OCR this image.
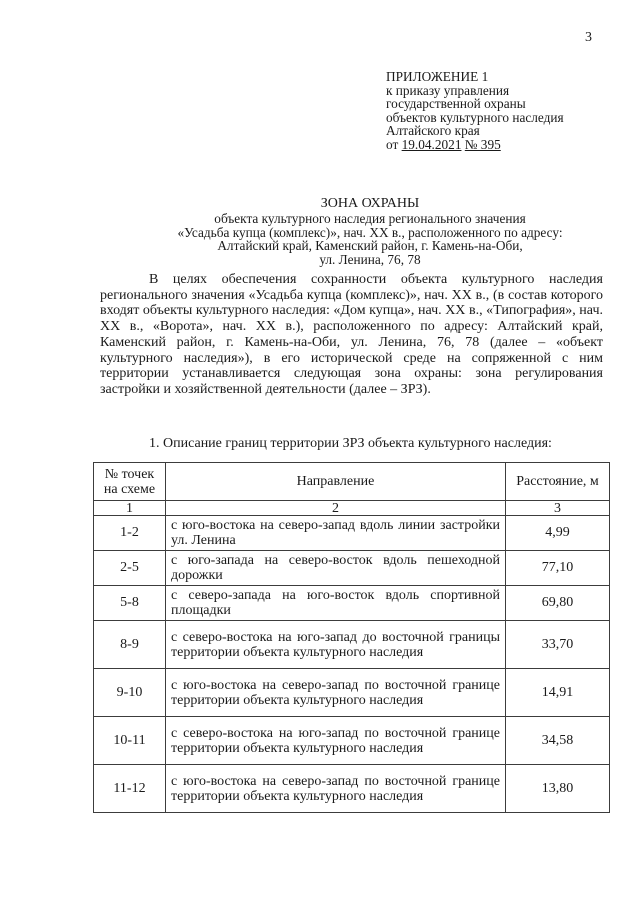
3
ПРИЛОЖЕНИЕ 1
к приказу управления
государственной охраны
объектов культурного наследия
Алтайского края
от 19.04.2021 № 395
ЗОНА ОХРАНЫ
объекта культурного наследия регионального значения
«Усадьба купца (комплекс)», нач. XX в., расположенного по адресу:
Алтайский край, Каменский район, г. Камень-на-Оби,
ул. Ленина, 76, 78

В целях обеспечения сохранности объекта культурного наследия регионального значения «Усадьба купца (комплекс)», нач. XX в., (в состав которого входят объекты культурного наследия: «Дом купца», нач. XX в., «Типография», нач. XX в., «Ворота», нач. XX в.), расположенного по адресу: Алтайский край, Каменский район, г. Камень-на-Оби, ул. Ленина, 76, 78 (далее – «объект культурного наследия»), в его исторической среде на сопряженной с ним территории устанавливается следующая зона охраны: зона регулирования застройки и хозяйственной деятельности (далее – ЗРЗ).

1. Описание границ территории ЗРЗ объекта культурного наследия:
№ точек на схеме	Направление	Расстояние, м
1	2	3
1-2	с юго-востока на северо-запад вдоль линии застройки ул. Ленина	4,99
2-5	с юго-запада на северо-восток вдоль пешеходной дорожки	77,10
5-8	с северо-запада на юго-восток вдоль спортивной площадки	69,80
8-9	с северо-востока на юго-запад до восточной границы территории объекта культурного наследия	33,70
9-10	с юго-востока на северо-запад по восточной границе территории объекта культурного наследия	14,91
10-11	с северо-востока на юго-запад по восточной границе территории объекта культурного наследия	34,58
11-12	с юго-востока на северо-запад по восточной границе территории объекта культурного наследия	13,80
